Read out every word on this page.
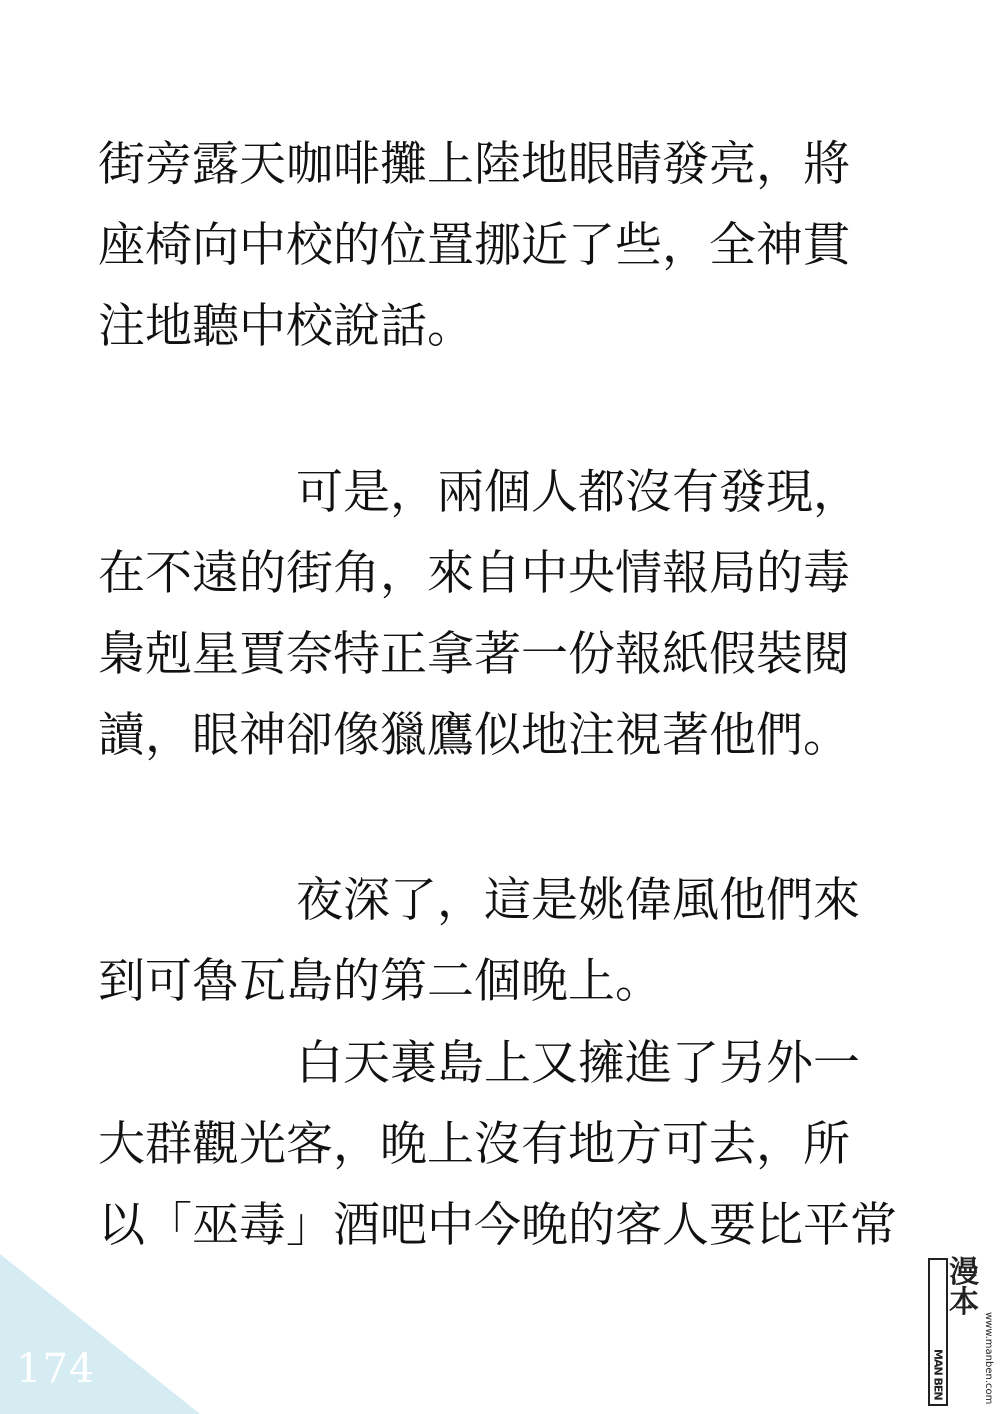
街旁露天咖啡攤上陸地眼睛發亮，將
座椅向中校的位置挪近了些，全神貫
注地聽中校說話。
可是，兩個人都沒有發現，
在不遠的街角，來自中央情報局的毒
梟剋星賈奈特正拿著一份報紙假裝閱
讀，眼神卻像獵鷹似地注視著他們。
夜深了，這是姚偉風他們來
到可魯瓦島的第二個晚上。
白天裏島上又擁進了另外一
大群觀光客，晚上沒有地方可去，所
以「巫毒」酒吧中今晚的客人要比平常
174	MAN BEN
漫本
www.manben.com
